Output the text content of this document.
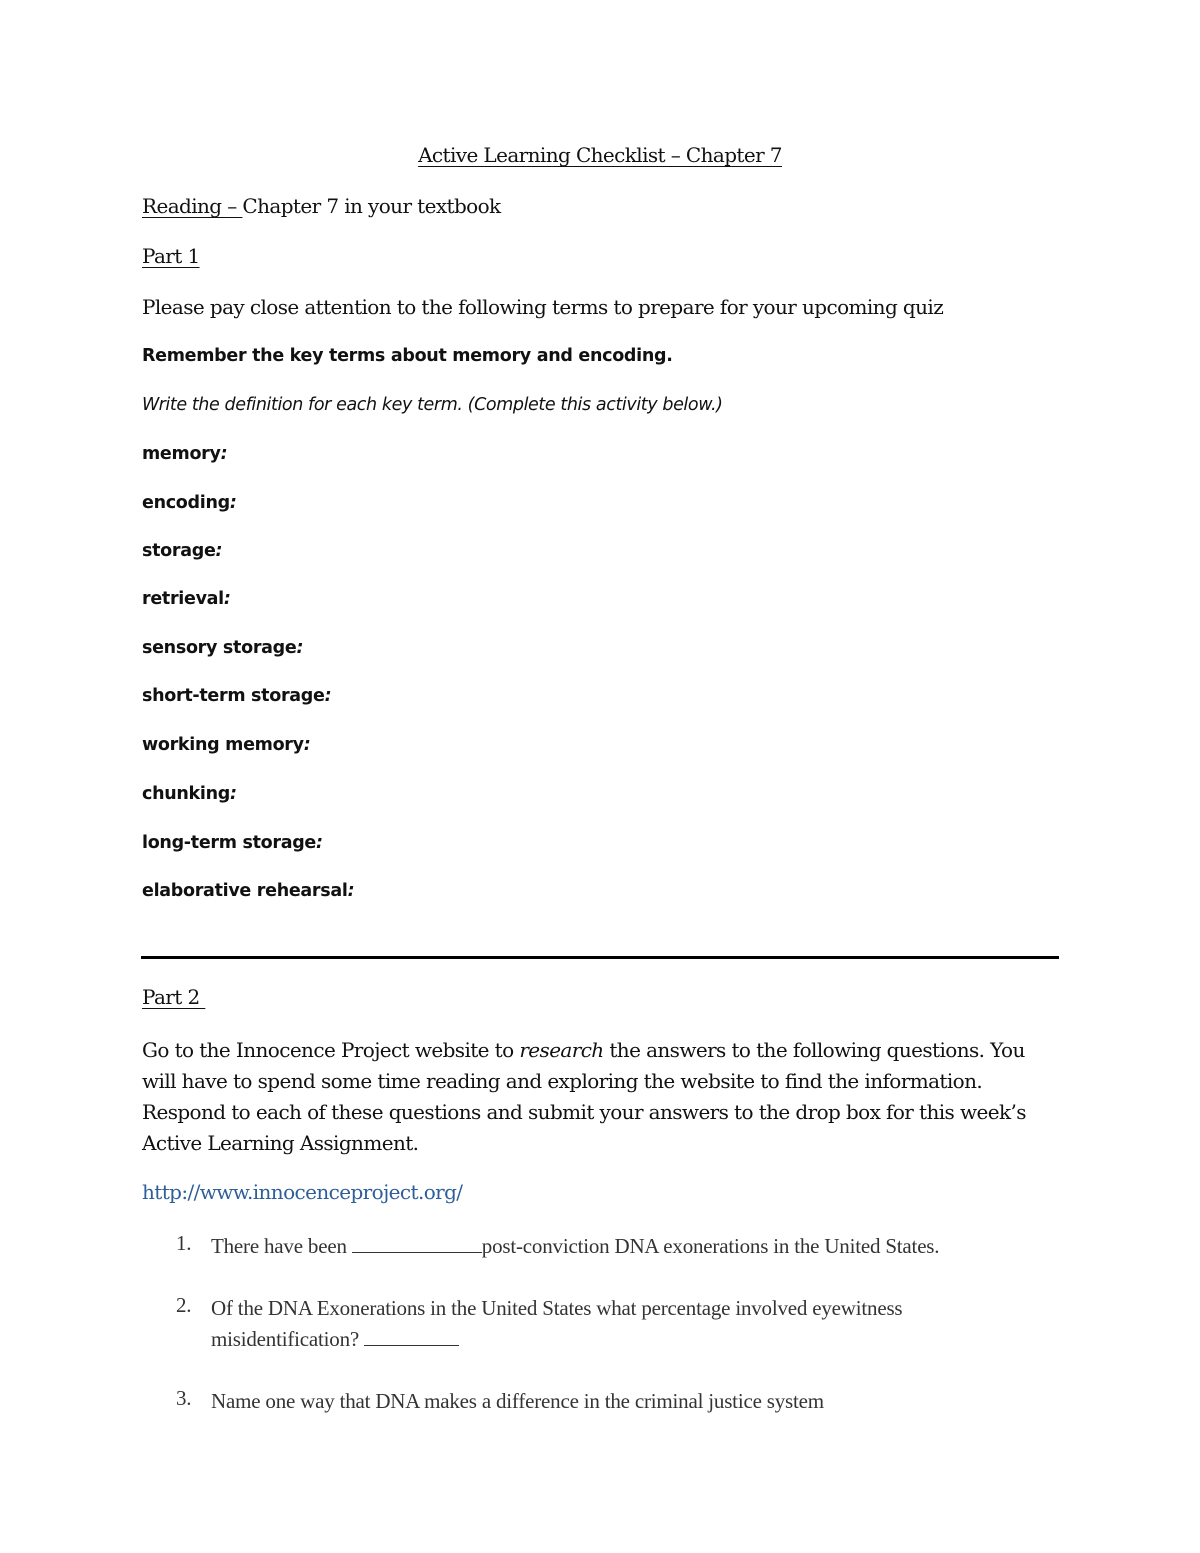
Active Learning Checklist – Chapter 7
Reading – Chapter 7 in your textbook
Part 1
Please pay close attention to the following terms to prepare for your upcoming quiz
Remember the key terms about memory and encoding.
Write the definition for each key term. (Complete this activity below.)
memory:
encoding:
storage:
retrieval:
sensory storage:
short-term storage:
working memory:
chunking:
long-term storage:
elaborative rehearsal:
Part 2
Go to the Innocence Project website to research the answers to the following questions. You will have to spend some time reading and exploring the website to find the information. Respond to each of these questions and submit your answers to the drop box for this week’s Active Learning Assignment.
http://www.innocenceproject.org/
1. There have been	post-conviction DNA exonerations in the United States.
2. Of the DNA Exonerations in the United States what percentage involved eyewitness misidentification?
3. Name one way that DNA makes a difference in the criminal justice system
